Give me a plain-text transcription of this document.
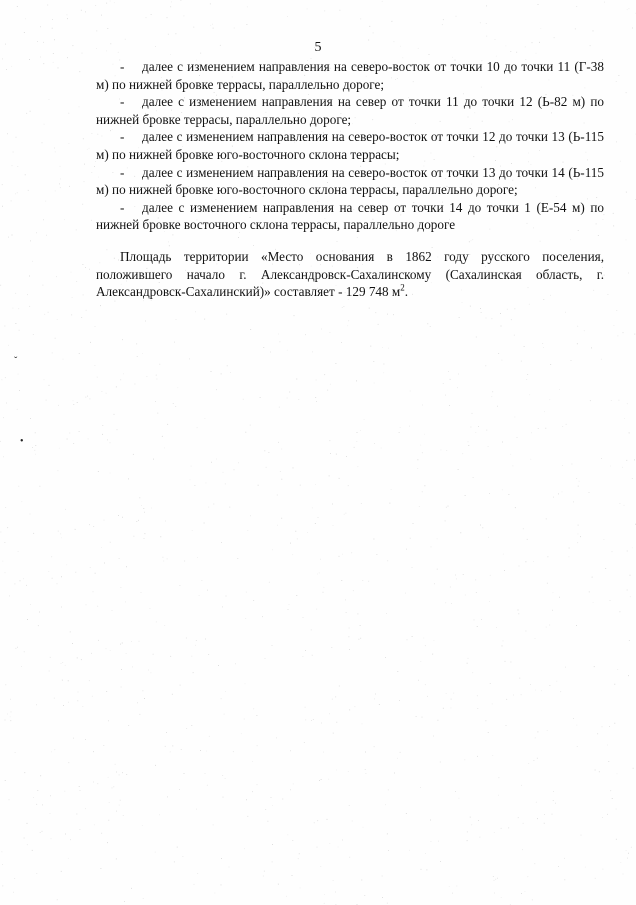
5

- далее с изменением направления на северо-восток от точки 10 до точки 11 (Г-38 м) по нижней бровке террасы, параллельно дороге;

- далее с изменением направления на север от точки 11 до точки 12 (Ь-82 м) по нижней бровке террасы, параллельно дороге;

- далее с изменением направления на северо-восток от точки 12 до точки 13 (Ь-115 м) по нижней бровке юго-восточного склона террасы;

- далее с изменением направления на северо-восток от точки 13 до точки 14 (Ь-115 м) по нижней бровке юго-восточного склона террасы, параллельно дороге;

- далее с изменением направления на север от точки 14 до точки 1 (Е-54 м) по нижней бровке восточного склона террасы, параллельно дороге

Площадь территории «Место основания в 1862 году русского поселения, положившего начало г. Александровск-Сахалинскому (Сахалинская область, г. Александровск-Сахалинский)» составляет - 129 748 $м^2$.

ˇ
•
